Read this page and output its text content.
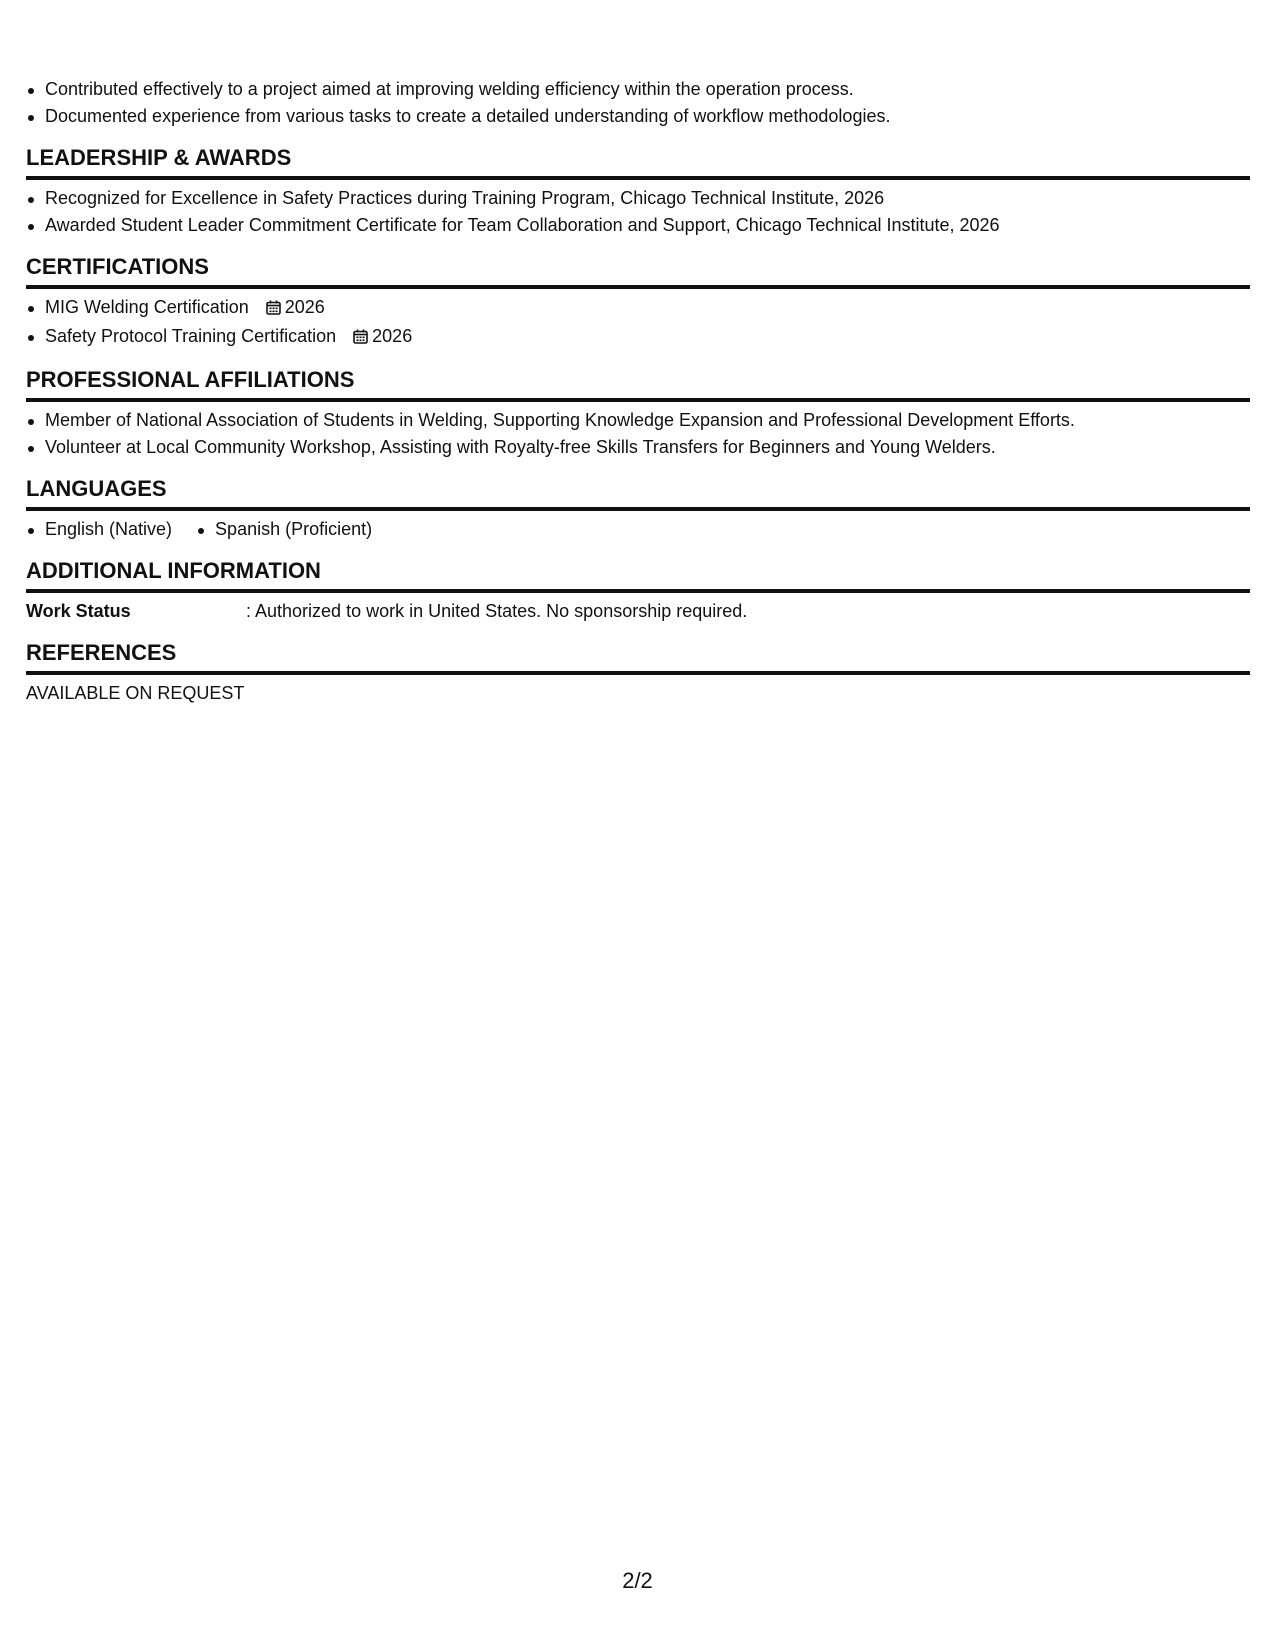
Contributed effectively to a project aimed at improving welding efficiency within the operation process.
Documented experience from various tasks to create a detailed understanding of workflow methodologies.
LEADERSHIP & AWARDS
Recognized for Excellence in Safety Practices during Training Program, Chicago Technical Institute, 2026
Awarded Student Leader Commitment Certificate for Team Collaboration and Support, Chicago Technical Institute, 2026
CERTIFICATIONS
MIG Welding Certification 2026
Safety Protocol Training Certification 2026
PROFESSIONAL AFFILIATIONS
Member of National Association of Students in Welding, Supporting Knowledge Expansion and Professional Development Efforts.
Volunteer at Local Community Workshop, Assisting with Royalty-free Skills Transfers for Beginners and Young Welders.
LANGUAGES
English (Native)	Spanish (Proficient)
ADDITIONAL INFORMATION
Work Status	: Authorized to work in United States. No sponsorship required.
REFERENCES
AVAILABLE ON REQUEST
2/2
